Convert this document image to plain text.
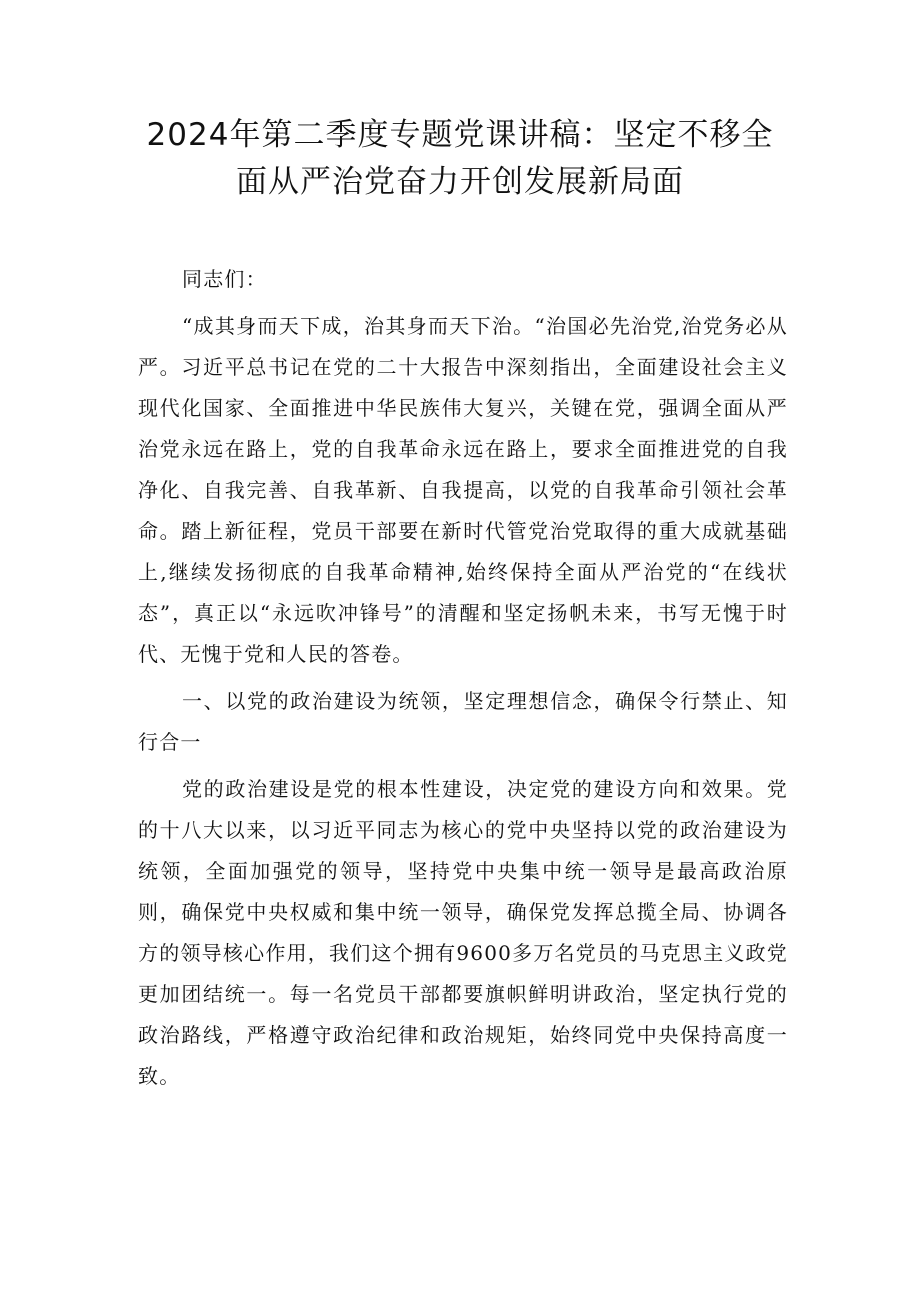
2024年第二季度专题党课讲稿：坚定不移全
面从严治党奋力开创发展新局面

同志们：

“成其身而天下成，治其身而天下治。“治国必先治党,治党务必从严。习近平总书记在党的二十大报告中深刻指出，全面建设社会主义现代化国家、全面推进中华民族伟大复兴，关键在党，强调全面从严治党永远在路上，党的自我革命永远在路上，要求全面推进党的自我净化、自我完善、自我革新、自我提高，以党的自我革命引领社会革命。踏上新征程，党员干部要在新时代管党治党取得的重大成就基础上,继续发扬彻底的自我革命精神,始终保持全面从严治党的“在线状态”，真正以“永远吹冲锋号”的清醒和坚定扬帆未来，书写无愧于时代、无愧于党和人民的答卷。

一、以党的政治建设为统领，坚定理想信念，确保令行禁止、知行合一

党的政治建设是党的根本性建设，决定党的建设方向和效果。党的十八大以来，以习近平同志为核心的党中央坚持以党的政治建设为统领，全面加强党的领导，坚持党中央集中统一领导是最高政治原则，确保党中央权威和集中统一领导，确保党发挥总揽全局、协调各方的领导核心作用，我们这个拥有9600多万名党员的马克思主义政党更加团结统一。每一名党员干部都要旗帜鲜明讲政治，坚定执行党的政治路线，严格遵守政治纪律和政治规矩，始终同党中央保持高度一致。
